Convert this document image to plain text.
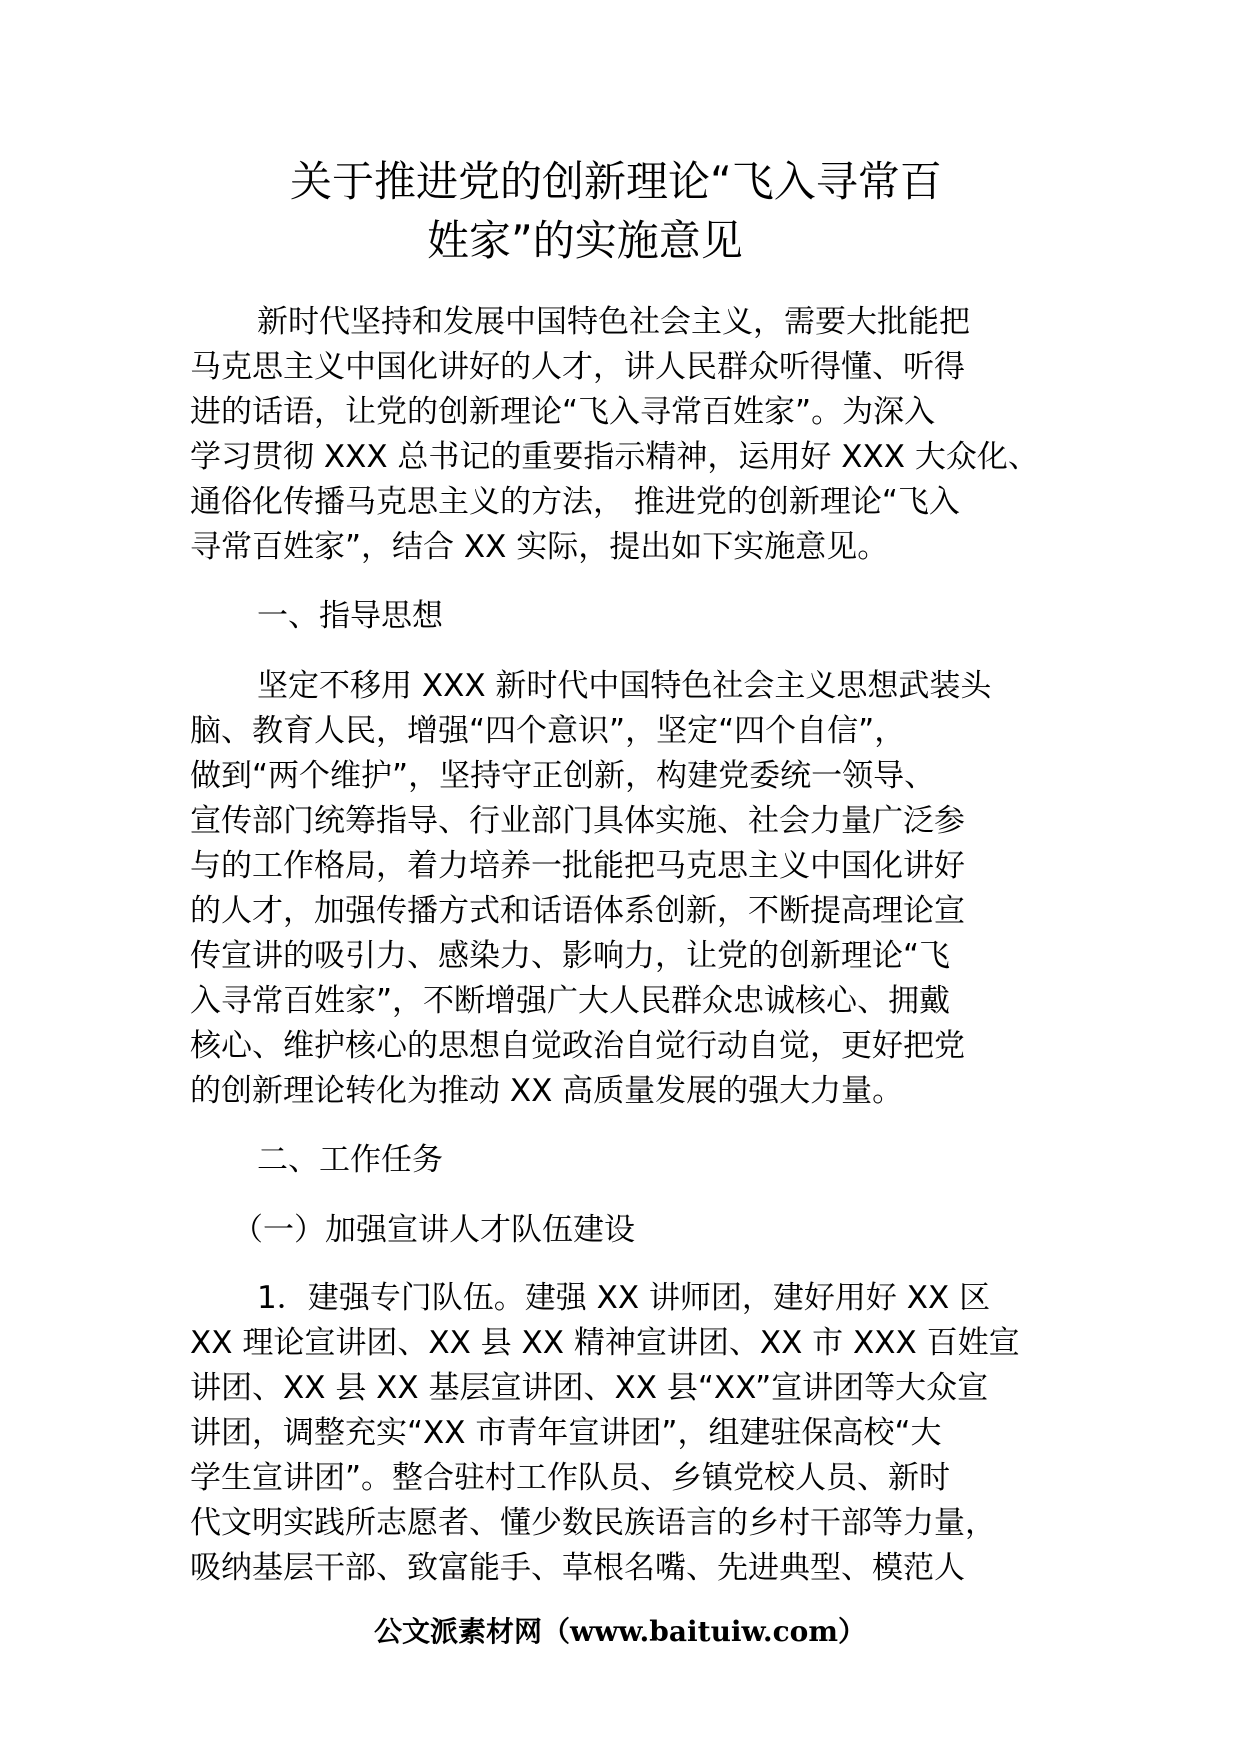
关于推进党的创新理论“飞入寻常百
姓家”的实施意见
新时代坚持和发展中国特色社会主义，需要大批能把
马克思主义中国化讲好的人才，讲人民群众听得懂、听得
进的话语，让党的创新理论“飞入寻常百姓家”。为深入
学习贯彻 XXX 总书记的重要指示精神，运用好 XXX 大众化、
通俗化传播马克思主义的方法， 推进党的创新理论“飞入
寻常百姓家”，结合 XX 实际，提出如下实施意见。
一、指导思想
坚定不移用 XXX 新时代中国特色社会主义思想武装头
脑、教育人民，增强“四个意识”，坚定“四个自信”，
做到“两个维护”，坚持守正创新，构建党委统一领导、
宣传部门统筹指导、行业部门具体实施、社会力量广泛参
与的工作格局，着力培养一批能把马克思主义中国化讲好
的人才，加强传播方式和话语体系创新，不断提高理论宣
传宣讲的吸引力、感染力、影响力，让党的创新理论“飞
入寻常百姓家”，不断增强广大人民群众忠诚核心、拥戴
核心、维护核心的思想自觉政治自觉行动自觉，更好把党
的创新理论转化为推动 XX 高质量发展的强大力量。
二、工作任务
（一）加强宣讲人才队伍建设
1．建强专门队伍。建强 XX 讲师团，建好用好 XX 区
XX 理论宣讲团、XX 县 XX 精神宣讲团、XX 市 XXX 百姓宣
讲团、XX 县 XX 基层宣讲团、XX 县“XX”宣讲团等大众宣
讲团，调整充实“XX 市青年宣讲团”，组建驻保高校“大
学生宣讲团”。整合驻村工作队员、乡镇党校人员、新时
代文明实践所志愿者、懂少数民族语言的乡村干部等力量，
吸纳基层干部、致富能手、草根名嘴、先进典型、模范人
公文派素材网（www.baituiw.com）
